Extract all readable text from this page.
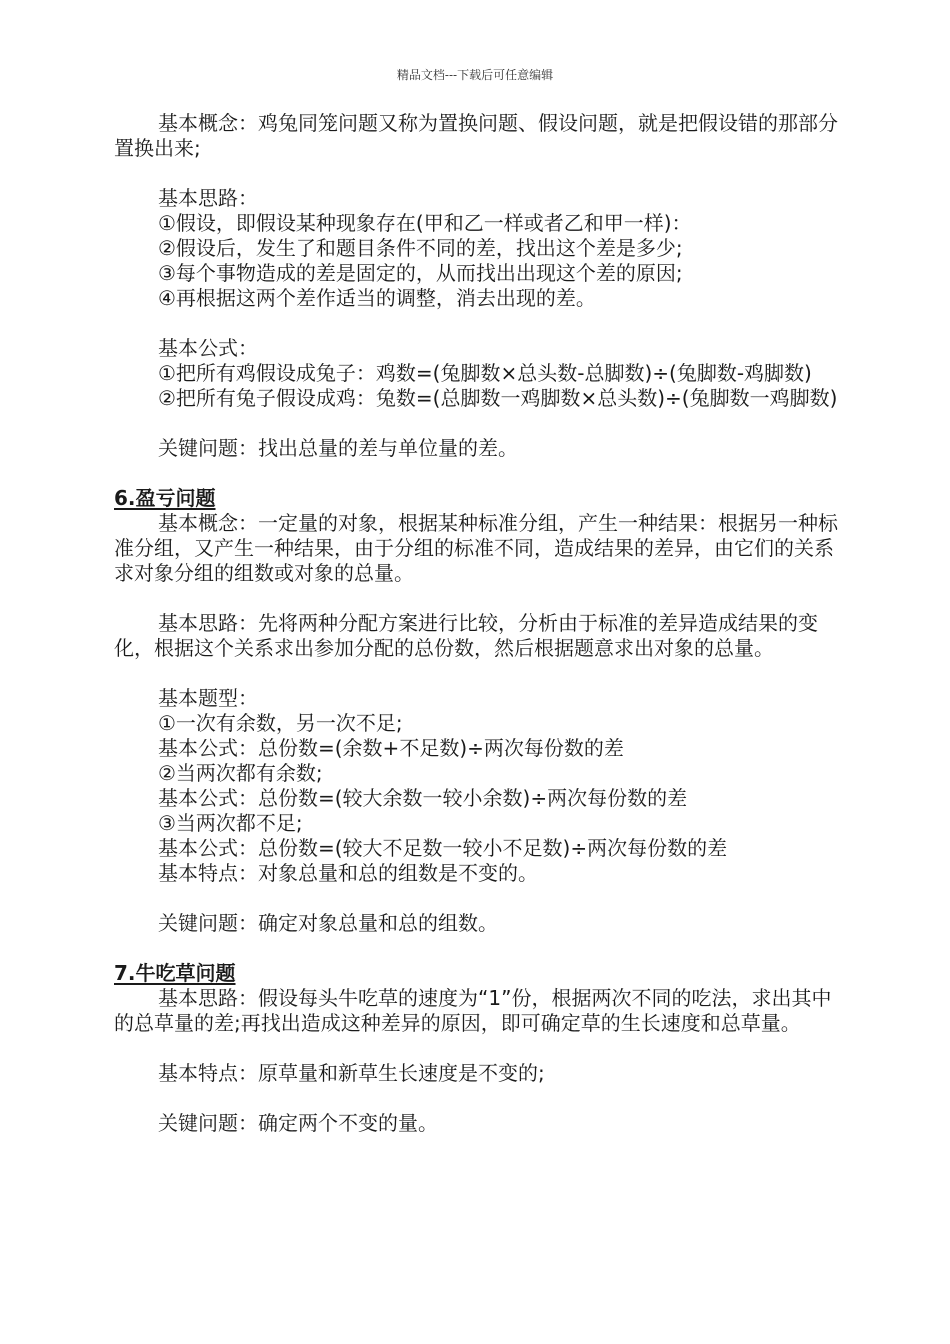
精品文档---下载后可任意编辑

基本概念：鸡兔同笼问题又称为置换问题、假设问题，就是把假设错的那部分置换出来;

基本思路：

①假设，即假设某种现象存在(甲和乙一样或者乙和甲一样)：

②假设后，发生了和题目条件不同的差，找出这个差是多少;

③每个事物造成的差是固定的，从而找出出现这个差的原因;

④再根据这两个差作适当的调整，消去出现的差。

基本公式：

①把所有鸡假设成兔子：鸡数=(兔脚数×总头数-总脚数)÷(兔脚数-鸡脚数)

②把所有兔子假设成鸡：兔数=(总脚数一鸡脚数×总头数)÷(兔脚数一鸡脚数)

关键问题：找出总量的差与单位量的差。

6.盈亏问题

基本概念：一定量的对象，根据某种标准分组，产生一种结果：根据另一种标准分组，又产生一种结果，由于分组的标准不同，造成结果的差异，由它们的关系求对象分组的组数或对象的总量。

基本思路：先将两种分配方案进行比较，分析由于标准的差异造成结果的变化，根据这个关系求出参加分配的总份数，然后根据题意求出对象的总量。

基本题型：

①一次有余数，另一次不足;

基本公式：总份数=(余数+不足数)÷两次每份数的差

②当两次都有余数;

基本公式：总份数=(较大余数一较小余数)÷两次每份数的差

③当两次都不足;

基本公式：总份数=(较大不足数一较小不足数)÷两次每份数的差

基本特点：对象总量和总的组数是不变的。

关键问题：确定对象总量和总的组数。

7.牛吃草问题

基本思路：假设每头牛吃草的速度为“1”份，根据两次不同的吃法，求出其中的总草量的差;再找出造成这种差异的原因，即可确定草的生长速度和总草量。

基本特点：原草量和新草生长速度是不变的;

关键问题：确定两个不变的量。
